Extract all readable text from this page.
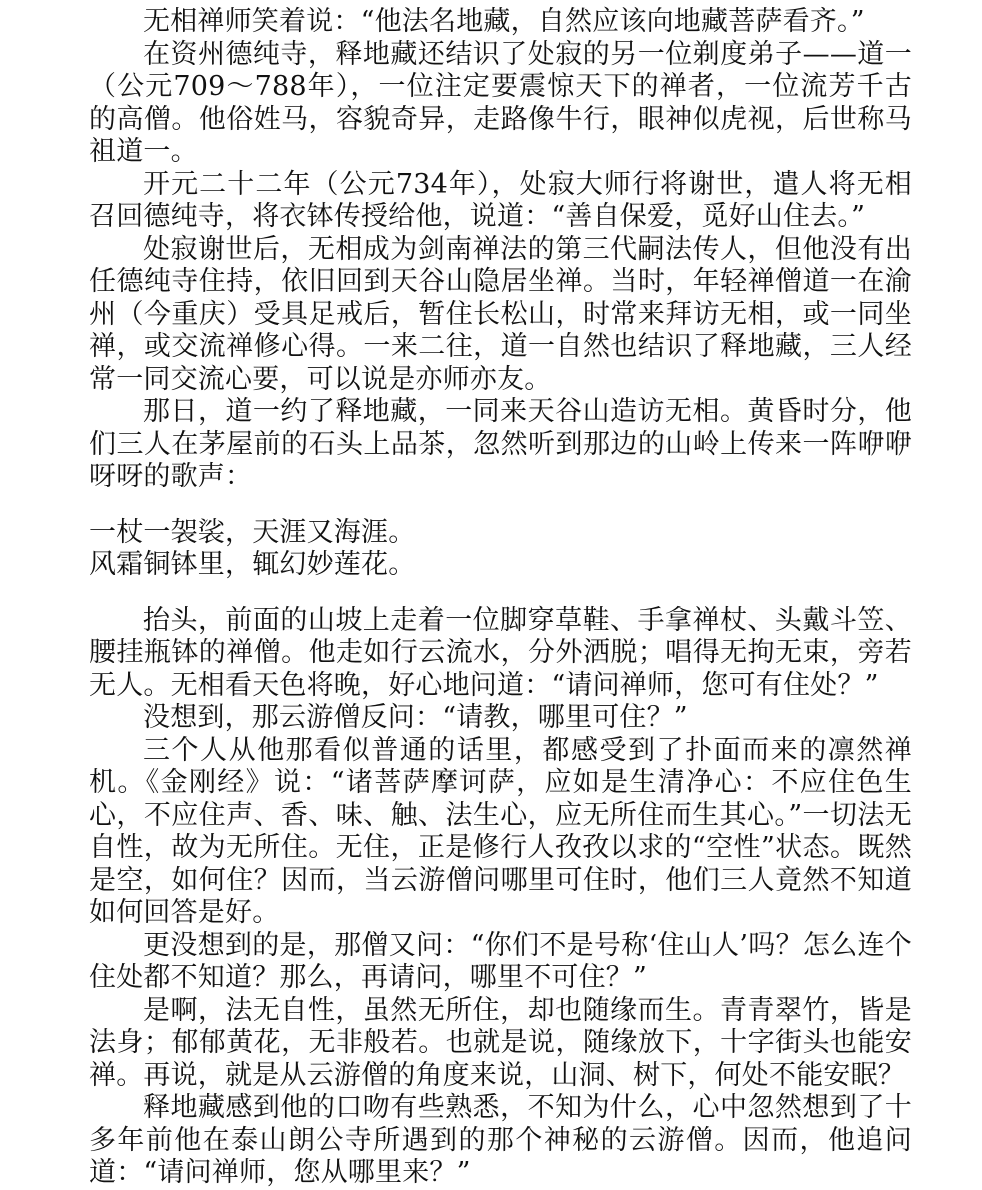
无相禅师笑着说：“他法名地藏，自然应该向地藏菩萨看齐。”

在资州德纯寺，释地藏还结识了处寂的另一位剃度弟子——道一（公元709～788年），一位注定要震惊天下的禅者，一位流芳千古的高僧。他俗姓马，容貌奇异，走路像牛行，眼神似虎视，后世称马祖道一。

开元二十二年（公元734年），处寂大师行将谢世，遣人将无相召回德纯寺，将衣钵传授给他，说道：“善自保爱，觅好山住去。”

处寂谢世后，无相成为剑南禅法的第三代嗣法传人，但他没有出任德纯寺住持，依旧回到天谷山隐居坐禅。当时，年轻禅僧道一在渝州（今重庆）受具足戒后，暂住长松山，时常来拜访无相，或一同坐禅，或交流禅修心得。一来二往，道一自然也结识了释地藏，三人经常一同交流心要，可以说是亦师亦友。

那日，道一约了释地藏，一同来天谷山造访无相。黄昏时分，他们三人在茅屋前的石头上品茶，忽然听到那边的山岭上传来一阵咿咿呀呀的歌声：

一杖一袈裟，天涯又海涯。

风霜铜钵里，辄幻妙莲花。

抬头，前面的山坡上走着一位脚穿草鞋、手拿禅杖、头戴斗笠、腰挂瓶钵的禅僧。他走如行云流水，分外洒脱；唱得无拘无束，旁若无人。无相看天色将晚，好心地问道：“请问禅师，您可有住处？”

没想到，那云游僧反问：“请教，哪里可住？”

三个人从他那看似普通的话里，都感受到了扑面而来的凛然禅机。《金刚经》说：“诸菩萨摩诃萨，应如是生清净心：不应住色生心，不应住声、香、味、触、法生心，应无所住而生其心。”一切法无自性，故为无所住。无住，正是修行人孜孜以求的“空性”状态。既然是空，如何住？因而，当云游僧问哪里可住时，他们三人竟然不知道如何回答是好。

更没想到的是，那僧又问：“你们不是号称‘住山人’吗？怎么连个住处都不知道？那么，再请问，哪里不可住？”

是啊，法无自性，虽然无所住，却也随缘而生。青青翠竹，皆是法身；郁郁黄花，无非般若。也就是说，随缘放下，十字街头也能安禅。再说，就是从云游僧的角度来说，山洞、树下，何处不能安眠？

释地藏感到他的口吻有些熟悉，不知为什么，心中忽然想到了十多年前他在泰山朗公寺所遇到的那个神秘的云游僧。因而，他追问道：“请问禅师，您从哪里来？”
